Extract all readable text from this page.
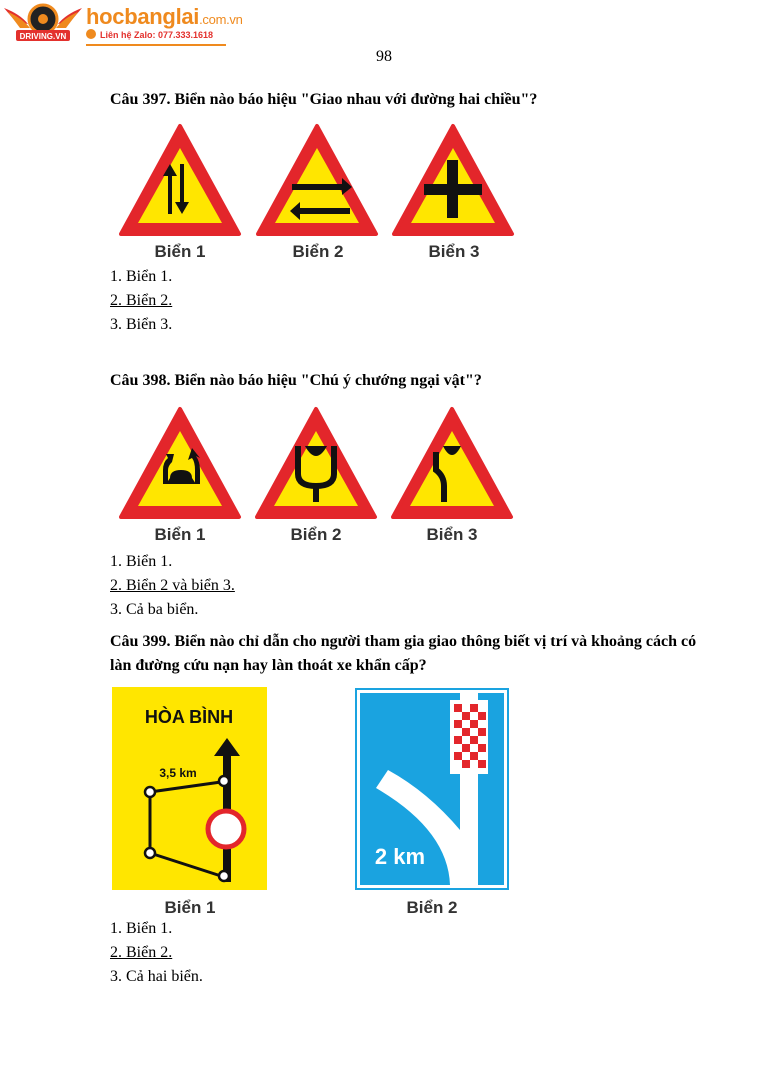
DRIVING.VN
hocbanglai.com.vn
Liên hệ Zalo: 077.333.1618
98
Câu 397. Biển nào báo hiệu "Giao nhau với đường hai chiều"?
1. Biển 1.
2. Biển 2.
3. Biển 3.
Câu 398. Biển nào báo hiệu "Chú ý chướng ngại vật"?
1. Biển 1.
2. Biển 2 và biển 3.
3. Cả ba biển.
Câu 399. Biển nào chỉ dẫn cho người tham gia giao thông biết vị trí và khoảng cách có làn đường cứu nạn hay làn thoát xe khẩn cấp?
1. Biển 1.
2. Biển 2.
3. Cả hai biển.
Biển 1	Biển 2	Biển 3
Biển 1	Biển 2	Biển 3
HÒA BÌNH
3,5 km
Biển 1
2 km
Biển 2
